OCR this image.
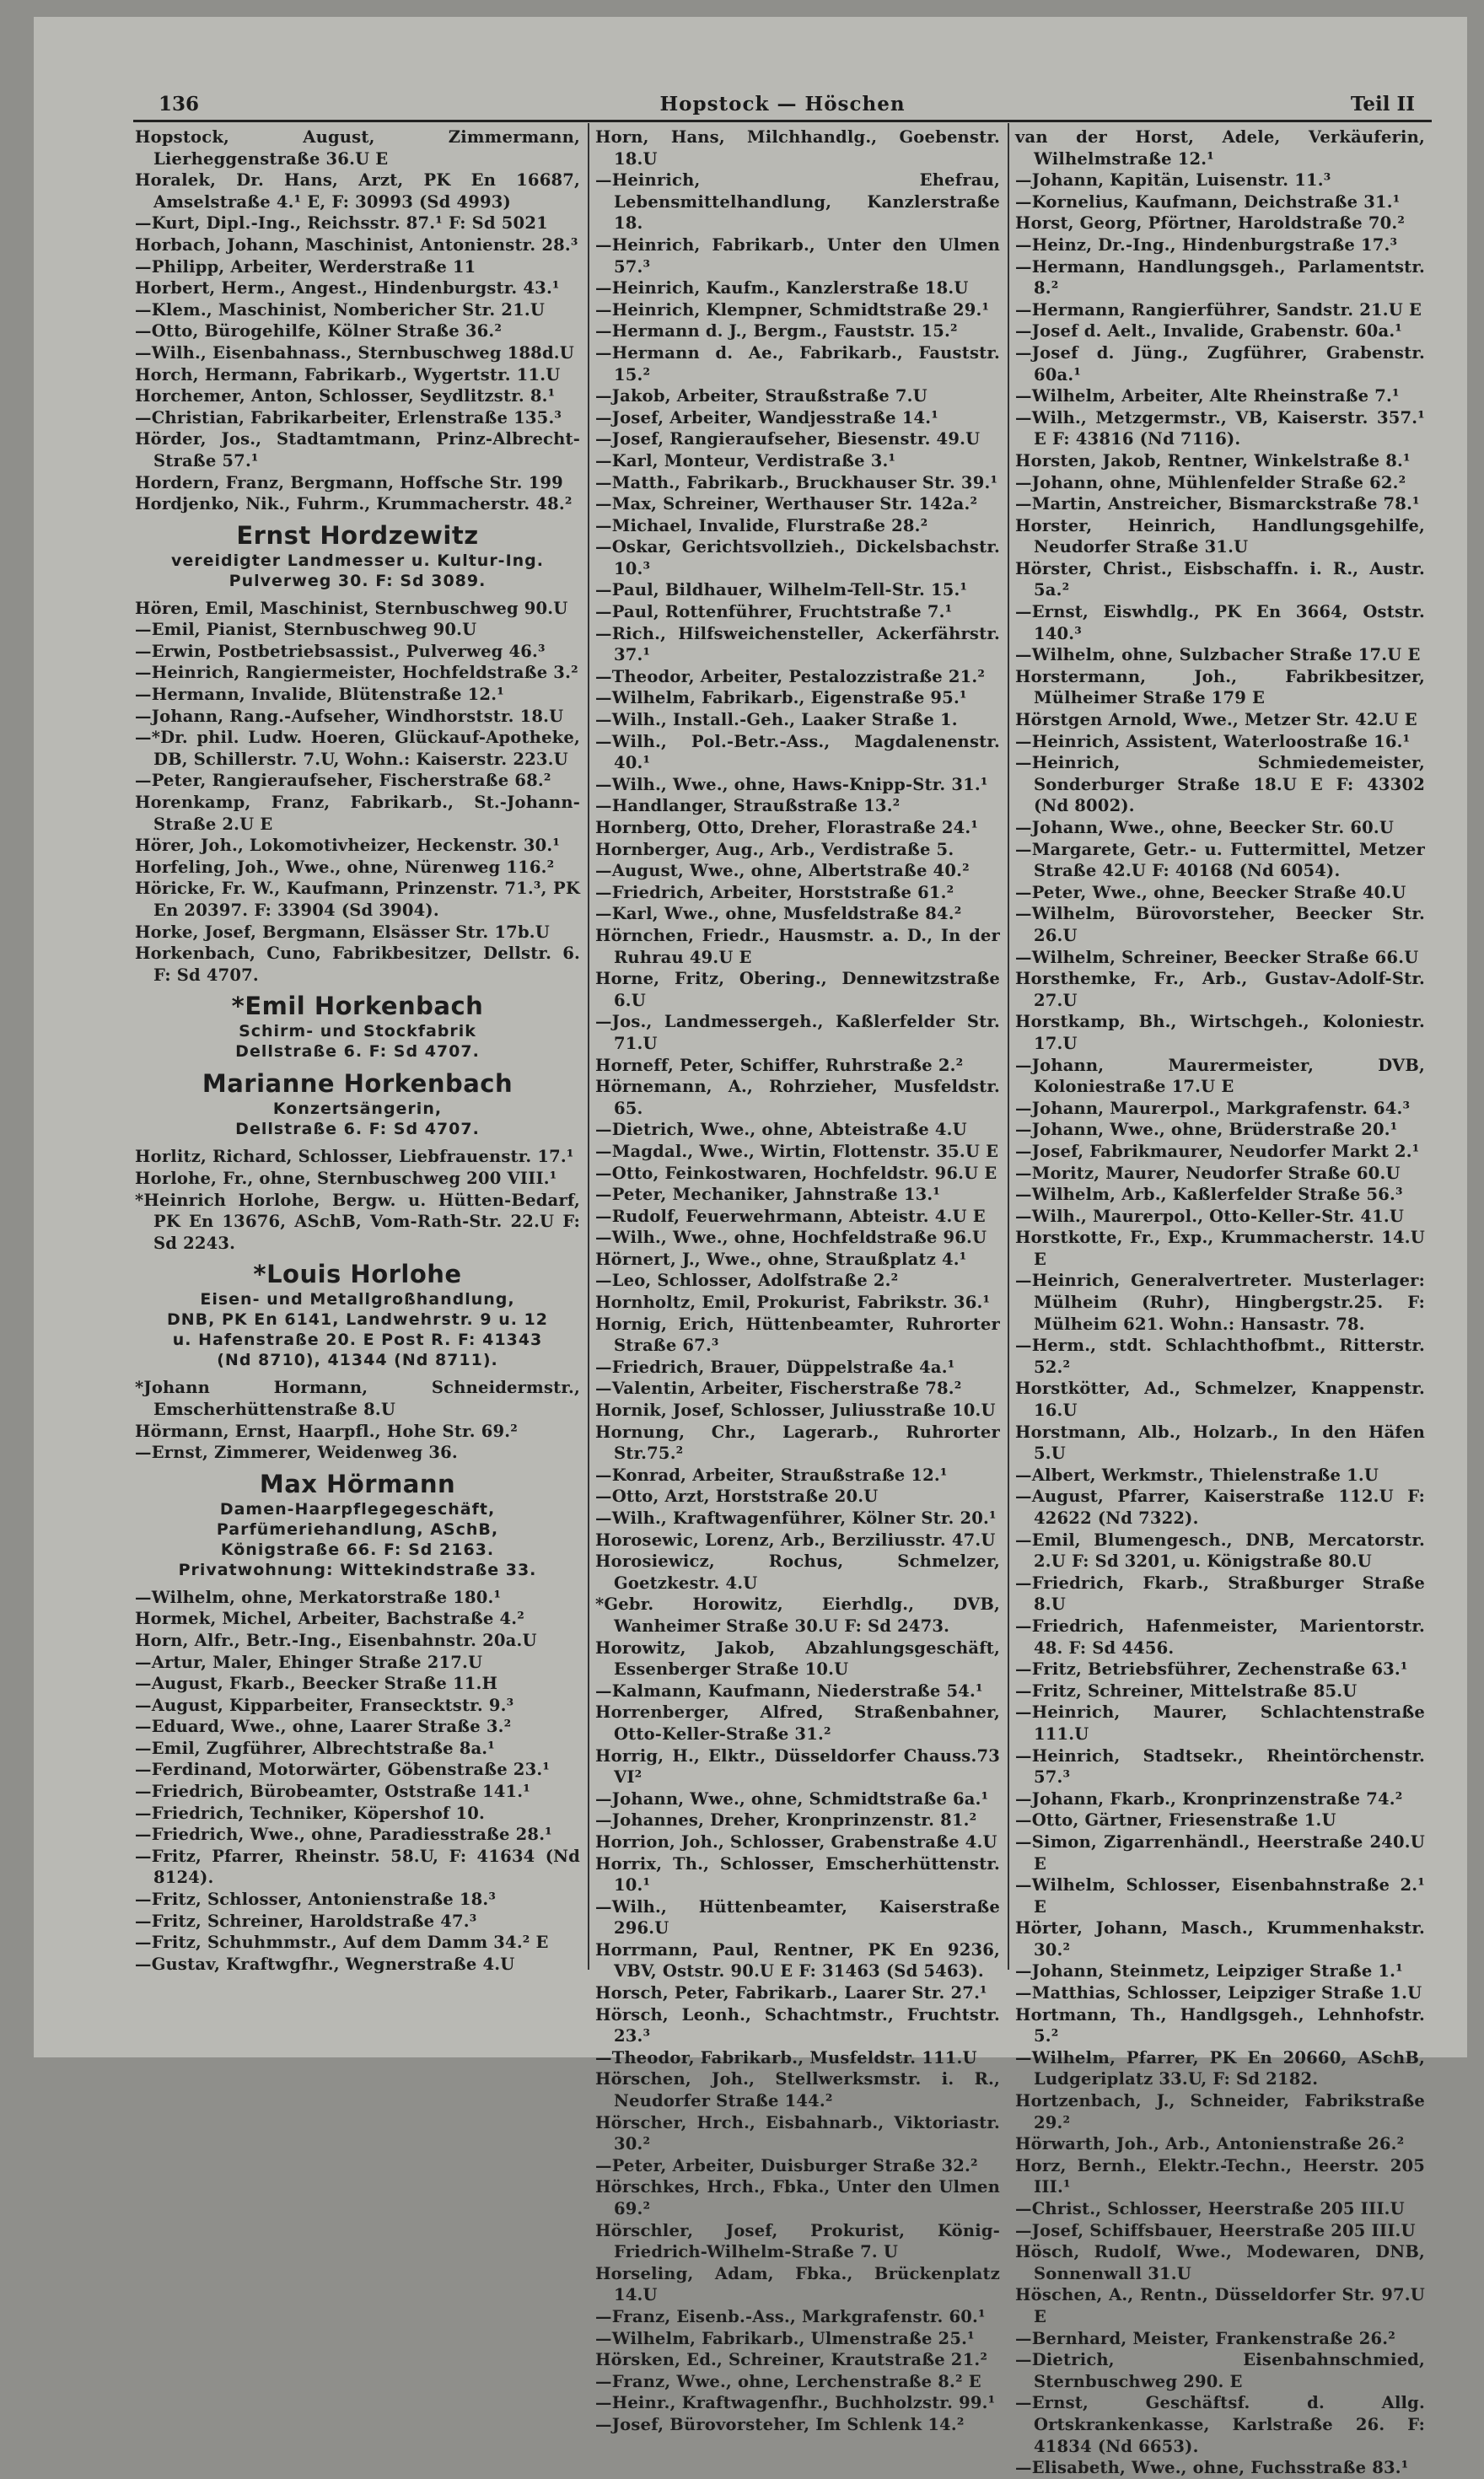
136	Hopstock — Höschen	Teil II
Hopstock, August, Zimmermann, Lierheggenstraße 36.U E
Horalek, Dr. Hans, Arzt, PK En 16687, Amselstraße 4.¹ E, F: 30993 (Sd 4993)
—Kurt, Dipl.-Ing., Reichsstr. 87.¹ F: Sd 5021
Horbach, Johann, Maschinist, Antonienstr. 28.³
—Philipp, Arbeiter, Werderstraße 11
Horbert, Herm., Angest., Hindenburgstr. 43.¹
—Klem., Maschinist, Nombericher Str. 21.U
—Otto, Bürogehilfe, Kölner Straße 36.²
—Wilh., Eisenbahnass., Sternbuschweg 188d.U
Horch, Hermann, Fabrikarb., Wygertstr. 11.U
Horchemer, Anton, Schlosser, Seydlitzstr. 8.¹
—Christian, Fabrikarbeiter, Erlenstraße 135.³
Hörder, Jos., Stadtamtmann, Prinz-Albrecht-Straße 57.¹
Hordern, Franz, Bergmann, Hoffsche Str. 199
Hordjenko, Nik., Fuhrm., Krummacherstr. 48.²
Ernst Hordzewitz
vereidigter Landmesser u. Kultur-Ing.
Pulverweg 30. F: Sd 3089.
Hören, Emil, Maschinist, Sternbuschweg 90.U
—Emil, Pianist, Sternbuschweg 90.U
—Erwin, Postbetriebsassist., Pulverweg 46.³
—Heinrich, Rangiermeister, Hochfeldstraße 3.²
—Hermann, Invalide, Blütenstraße 12.¹
—Johann, Rang.-Aufseher, Windhorststr. 18.U
—*Dr. phil. Ludw. Hoeren, Glückauf-Apotheke, DB, Schillerstr. 7.U, Wohn.: Kaiserstr. 223.U
—Peter, Rangieraufseher, Fischerstraße 68.²
Horenkamp, Franz, Fabrikarb., St.-Johann-Straße 2.U E
Hörer, Joh., Lokomotivheizer, Heckenstr. 30.¹
Horfeling, Joh., Wwe., ohne, Nürenweg 116.²
Höricke, Fr. W., Kaufmann, Prinzenstr. 71.³, PK En 20397. F: 33904 (Sd 3904).
Horke, Josef, Bergmann, Elsässer Str. 17b.U
Horkenbach, Cuno, Fabrikbesitzer, Dellstr. 6. F: Sd 4707.
*Emil Horkenbach
Schirm- und Stockfabrik
Dellstraße 6. F: Sd 4707.
Marianne Horkenbach
Konzertsängerin,
Dellstraße 6. F: Sd 4707.
Horlitz, Richard, Schlosser, Liebfrauenstr. 17.¹
Horlohe, Fr., ohne, Sternbuschweg 200 VIII.¹
*Heinrich Horlohe, Bergw. u. Hütten-Bedarf, PK En 13676, ASchB, Vom-Rath-Str. 22.U F: Sd 2243.
*Louis Horlohe
Eisen- und Metallgroßhandlung,
DNB, PK En 6141, Landwehrstr. 9 u. 12
u. Hafenstraße 20. E Post R. F: 41343
(Nd 8710), 41344 (Nd 8711).
*Johann Hormann, Schneidermstr., Emscherhüttenstraße 8.U
Hörmann, Ernst, Haarpfl., Hohe Str. 69.²
—Ernst, Zimmerer, Weidenweg 36.
Max Hörmann
Damen-Haarpflegegeschäft,
Parfümeriehandlung, ASchB,
Königstraße 66. F: Sd 2163.
Privatwohnung: Wittekindstraße 33.
—Wilhelm, ohne, Merkatorstraße 180.¹
Hormek, Michel, Arbeiter, Bachstraße 4.²
Horn, Alfr., Betr.-Ing., Eisenbahnstr. 20a.U
—Artur, Maler, Ehinger Straße 217.U
—August, Fkarb., Beecker Straße 11.H
—August, Kipparbeiter, Fransecktstr. 9.³
—Eduard, Wwe., ohne, Laarer Straße 3.²
—Emil, Zugführer, Albrechtstraße 8a.¹
—Ferdinand, Motorwärter, Göbenstraße 23.¹
—Friedrich, Bürobeamter, Oststraße 141.¹
—Friedrich, Techniker, Köpershof 10.
—Friedrich, Wwe., ohne, Paradiesstraße 28.¹
—Fritz, Pfarrer, Rheinstr. 58.U, F: 41634 (Nd 8124).
—Fritz, Schlosser, Antonienstraße 18.³
—Fritz, Schreiner, Haroldstraße 47.³
—Fritz, Schuhmmstr., Auf dem Damm 34.² E
—Gustav, Kraftwgfhr., Wegnerstraße 4.U
Horn, Hans, Milchhandlg., Goebenstr. 18.U
—Heinrich, Ehefrau, Lebensmittelhandlung, Kanzlerstraße 18.
—Heinrich, Fabrikarb., Unter den Ulmen 57.³
—Heinrich, Kaufm., Kanzlerstraße 18.U
—Heinrich, Klempner, Schmidtstraße 29.¹
—Hermann d. J., Bergm., Fauststr. 15.²
—Hermann d. Ae., Fabrikarb., Fauststr. 15.²
—Jakob, Arbeiter, Straußstraße 7.U
—Josef, Arbeiter, Wandjesstraße 14.¹
—Josef, Rangieraufseher, Biesenstr. 49.U
—Karl, Monteur, Verdistraße 3.¹
—Matth., Fabrikarb., Bruckhauser Str. 39.¹
—Max, Schreiner, Werthauser Str. 142a.²
—Michael, Invalide, Flurstraße 28.²
—Oskar, Gerichtsvollzieh., Dickelsbachstr. 10.³
—Paul, Bildhauer, Wilhelm-Tell-Str. 15.¹
—Paul, Rottenführer, Fruchtstraße 7.¹
—Rich., Hilfsweichensteller, Ackerfährstr. 37.¹
—Theodor, Arbeiter, Pestalozzistraße 21.²
—Wilhelm, Fabrikarb., Eigenstraße 95.¹
—Wilh., Install.-Geh., Laaker Straße 1.
—Wilh., Pol.-Betr.-Ass., Magdalenenstr. 40.¹
—Wilh., Wwe., ohne, Haws-Knipp-Str. 31.¹
—Handlanger, Straußstraße 13.²
Hornberg, Otto, Dreher, Florastraße 24.¹
Hornberger, Aug., Arb., Verdistraße 5.
—August, Wwe., ohne, Albertstraße 40.²
—Friedrich, Arbeiter, Horststraße 61.²
—Karl, Wwe., ohne, Musfeldstraße 84.²
Hörnchen, Friedr., Hausmstr. a. D., In der Ruhrau 49.U E
Horne, Fritz, Obering., Dennewitzstraße 6.U
—Jos., Landmessergeh., Kaßlerfelder Str. 71.U
Horneff, Peter, Schiffer, Ruhrstraße 2.²
Hörnemann, A., Rohrzieher, Musfeldstr. 65.
—Dietrich, Wwe., ohne, Abteistraße 4.U
—Magdal., Wwe., Wirtin, Flottenstr. 35.U E
—Otto, Feinkostwaren, Hochfeldstr. 96.U E
—Peter, Mechaniker, Jahnstraße 13.¹
—Rudolf, Feuerwehrmann, Abteistr. 4.U E
—Wilh., Wwe., ohne, Hochfeldstraße 96.U
Hörnert, J., Wwe., ohne, Straußplatz 4.¹
—Leo, Schlosser, Adolfstraße 2.²
Hornholtz, Emil, Prokurist, Fabrikstr. 36.¹
Hornig, Erich, Hüttenbeamter, Ruhrorter Straße 67.³
—Friedrich, Brauer, Düppelstraße 4a.¹
—Valentin, Arbeiter, Fischerstraße 78.²
Hornik, Josef, Schlosser, Juliusstraße 10.U
Hornung, Chr., Lagerarb., Ruhrorter Str.75.²
—Konrad, Arbeiter, Straußstraße 12.¹
—Otto, Arzt, Horststraße 20.U
—Wilh., Kraftwagenführer, Kölner Str. 20.¹
Horosewic, Lorenz, Arb., Berziliusstr. 47.U
Horosiewicz, Rochus, Schmelzer, Goetzkestr. 4.U
*Gebr. Horowitz, Eierhdlg., DVB, Wanheimer Straße 30.U F: Sd 2473.
Horowitz, Jakob, Abzahlungsgeschäft, Essenberger Straße 10.U
—Kalmann, Kaufmann, Niederstraße 54.¹
Horrenberger, Alfred, Straßenbahner, Otto-Keller-Straße 31.²
Horrig, H., Elktr., Düsseldorfer Chauss.73 VI²
—Johann, Wwe., ohne, Schmidtstraße 6a.¹
—Johannes, Dreher, Kronprinzenstr. 81.²
Horrion, Joh., Schlosser, Grabenstraße 4.U
Horrix, Th., Schlosser, Emscherhüttenstr. 10.¹
—Wilh., Hüttenbeamter, Kaiserstraße 296.U
Horrmann, Paul, Rentner, PK En 9236, VBV, Oststr. 90.U E F: 31463 (Sd 5463).
Horsch, Peter, Fabrikarb., Laarer Str. 27.¹
Hörsch, Leonh., Schachtmstr., Fruchtstr. 23.³
—Theodor, Fabrikarb., Musfeldstr. 111.U
Hörschen, Joh., Stellwerksmstr. i. R., Neudorfer Straße 144.²
Hörscher, Hrch., Eisbahnarb., Viktoriastr. 30.²
—Peter, Arbeiter, Duisburger Straße 32.²
Hörschkes, Hrch., Fbka., Unter den Ulmen 69.²
Hörschler, Josef, Prokurist, König-Friedrich-Wilhelm-Straße 7. U
Horseling, Adam, Fbka., Brückenplatz 14.U
—Franz, Eisenb.-Ass., Markgrafenstr. 60.¹
—Wilhelm, Fabrikarb., Ulmenstraße 25.¹
Hörsken, Ed., Schreiner, Krautstraße 21.²
—Franz, Wwe., ohne, Lerchenstraße 8.² E
—Heinr., Kraftwagenfhr., Buchholzstr. 99.¹
—Josef, Bürovorsteher, Im Schlenk 14.²
van der Horst, Adele, Verkäuferin, Wilhelmstraße 12.¹
—Johann, Kapitän, Luisenstr. 11.³
—Kornelius, Kaufmann, Deichstraße 31.¹
Horst, Georg, Pförtner, Haroldstraße 70.²
—Heinz, Dr.-Ing., Hindenburgstraße 17.³
—Hermann, Handlungsgeh., Parlamentstr. 8.²
—Hermann, Rangierführer, Sandstr. 21.U E
—Josef d. Aelt., Invalide, Grabenstr. 60a.¹
—Josef d. Jüng., Zugführer, Grabenstr. 60a.¹
—Wilhelm, Arbeiter, Alte Rheinstraße 7.¹
—Wilh., Metzgermstr., VB, Kaiserstr. 357.¹ E F: 43816 (Nd 7116).
Horsten, Jakob, Rentner, Winkelstraße 8.¹
—Johann, ohne, Mühlenfelder Straße 62.²
—Martin, Anstreicher, Bismarckstraße 78.¹
Horster, Heinrich, Handlungsgehilfe, Neudorfer Straße 31.U
Hörster, Christ., Eisbschaffn. i. R., Austr. 5a.²
—Ernst, Eiswhdlg., PK En 3664, Oststr. 140.³
—Wilhelm, ohne, Sulzbacher Straße 17.U E
Horstermann, Joh., Fabrikbesitzer, Mülheimer Straße 179 E
Hörstgen Arnold, Wwe., Metzer Str. 42.U E
—Heinrich, Assistent, Waterloostraße 16.¹
—Heinrich, Schmiedemeister, Sonderburger Straße 18.U E F: 43302 (Nd 8002).
—Johann, Wwe., ohne, Beecker Str. 60.U
—Margarete, Getr.- u. Futtermittel, Metzer Straße 42.U F: 40168 (Nd 6054).
—Peter, Wwe., ohne, Beecker Straße 40.U
—Wilhelm, Bürovorsteher, Beecker Str. 26.U
—Wilhelm, Schreiner, Beecker Straße 66.U
Horsthemke, Fr., Arb., Gustav-Adolf-Str. 27.U
Horstkamp, Bh., Wirtschgeh., Koloniestr. 17.U
—Johann, Maurermeister, DVB, Koloniestraße 17.U E
—Johann, Maurerpol., Markgrafenstr. 64.³
—Johann, Wwe., ohne, Brüderstraße 20.¹
—Josef, Fabrikmaurer, Neudorfer Markt 2.¹
—Moritz, Maurer, Neudorfer Straße 60.U
—Wilhelm, Arb., Kaßlerfelder Straße 56.³
—Wilh., Maurerpol., Otto-Keller-Str. 41.U
Horstkotte, Fr., Exp., Krummacherstr. 14.U E
—Heinrich, Generalvertreter. Musterlager: Mülheim (Ruhr), Hingbergstr.25. F: Mülheim 621. Wohn.: Hansastr. 78.
—Herm., stdt. Schlachthofbmt., Ritterstr. 52.²
Horstkötter, Ad., Schmelzer, Knappenstr. 16.U
Horstmann, Alb., Holzarb., In den Häfen 5.U
—Albert, Werkmstr., Thielenstraße 1.U
—August, Pfarrer, Kaiserstraße 112.U F: 42622 (Nd 7322).
—Emil, Blumengesch., DNB, Mercatorstr. 2.U F: Sd 3201, u. Königstraße 80.U
—Friedrich, Fkarb., Straßburger Straße 8.U
—Friedrich, Hafenmeister, Marientorstr. 48. F: Sd 4456.
—Fritz, Betriebsführer, Zechenstraße 63.¹
—Fritz, Schreiner, Mittelstraße 85.U
—Heinrich, Maurer, Schlachtenstraße 111.U
—Heinrich, Stadtsekr., Rheintörchenstr. 57.³
—Johann, Fkarb., Kronprinzenstraße 74.²
—Otto, Gärtner, Friesenstraße 1.U
—Simon, Zigarrenhändl., Heerstraße 240.U E
—Wilhelm, Schlosser, Eisenbahnstraße 2.¹ E
Hörter, Johann, Masch., Krummenhakstr. 30.²
—Johann, Steinmetz, Leipziger Straße 1.¹
—Matthias, Schlosser, Leipziger Straße 1.U
Hortmann, Th., Handlgsgeh., Lehnhofstr. 5.²
—Wilhelm, Pfarrer, PK En 20660, ASchB, Ludgeriplatz 33.U, F: Sd 2182.
Hortzenbach, J., Schneider, Fabrikstraße 29.²
Hörwarth, Joh., Arb., Antonienstraße 26.²
Horz, Bernh., Elektr.-Techn., Heerstr. 205 III.¹
—Christ., Schlosser, Heerstraße 205 III.U
—Josef, Schiffsbauer, Heerstraße 205 III.U
Hösch, Rudolf, Wwe., Modewaren, DNB, Sonnenwall 31.U
Höschen, A., Rentn., Düsseldorfer Str. 97.U E
—Bernhard, Meister, Frankenstraße 26.²
—Dietrich, Eisenbahnschmied, Sternbuschweg 290. E
—Ernst, Geschäftsf. d. Allg. Ortskrankenkasse, Karlstraße 26. F: 41834 (Nd 6653).
—Elisabeth, Wwe., ohne, Fuchsstraße 83.¹
